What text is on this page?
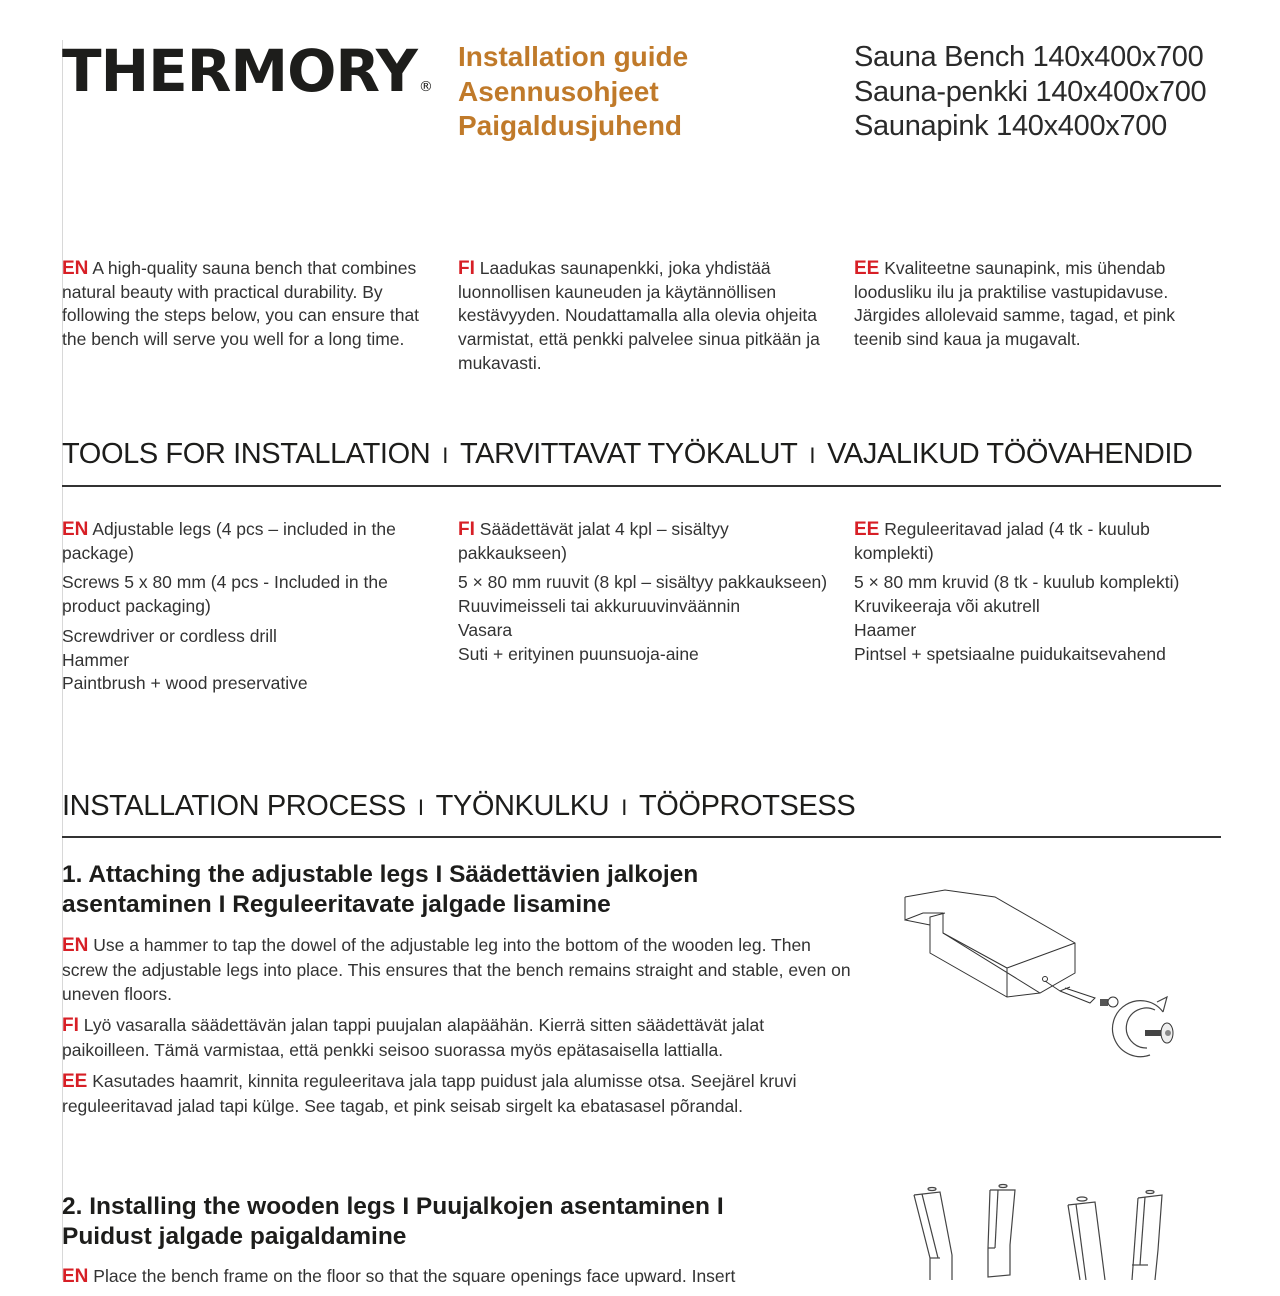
THERMORY ®
Installation guide
Asennusohjeet
Paigaldusjuhend
Sauna Bench 140x400x700
Sauna-penkki 140x400x700
Saunapink 140x400x700
EN A high-quality sauna bench that combines natural beauty with practical durability. By following the steps below, you can ensure that the bench will serve you well for a long time.
FI Laadukas saunapenkki, joka yhdistää luonnollisen kauneuden ja käytännöllisen kestävyyden. Noudattamalla alla olevia ohjeita varmistat, että penkki palvelee sinua pitkään ja mukavasti.
EE Kvaliteetne saunapink, mis ühendab loodusliku ilu ja praktilise vastupidavuse. Järgides allolevaid samme, tagad, et pink teenib sind kaua ja mugavalt.
TOOLS FOR INSTALLATION I TARVITTAVAT TYÖKALUT I VAJALIKUD TÖÖVAHENDID
EN Adjustable legs (4 pcs – included in the package)
Screws 5 x 80 mm (4 pcs - Included in the product packaging)
Screwdriver or cordless drill
Hammer
Paintbrush + wood preservative
FI Säädettävät jalat 4 kpl – sisältyy pakkaukseen)
5 × 80 mm ruuvit (8 kpl – sisältyy pakkaukseen)
Ruuvimeisseli tai akkuruuvinväännin
Vasara
Suti + erityinen puunsuoja-aine
EE Reguleeritavad jalad (4 tk - kuulub komplekti)
5 × 80 mm kruvid (8 tk - kuulub komplekti)
Kruvikeeraja või akutrell
Haamer
Pintsel + spetsiaalne puidukaitsevahend
INSTALLATION PROCESS I TYÖNKULKU I TÖÖPROTSESS
1. Attaching the adjustable legs I Säädettävien jalkojen asentaminen I Reguleeritavate jalgade lisamine

EN Use a hammer to tap the dowel of the adjustable leg into the bottom of the wooden leg. Then screw the adjustable legs into place. This ensures that the bench remains straight and stable, even on uneven floors.

FI Lyö vasaralla säädettävän jalan tappi puujalan alapäähän. Kierrä sitten säädettävät jalat paikoilleen. Tämä varmistaa, että penkki seisoo suorassa myös epätasaisella lattialla.

EE Kasutades haamrit, kinnita reguleeritava jala tapp puidust jala alumisse otsa. Seejärel kruvi reguleeritavad jalad tapi külge. See tagab, et pink seisab sirgelt ka ebatasasel põrandal.

2. Installing the wooden legs I Puujalkojen asentaminen I Puidust jalgade paigaldamine

EN Place the bench frame on the floor so that the square openings face upward. Insert
